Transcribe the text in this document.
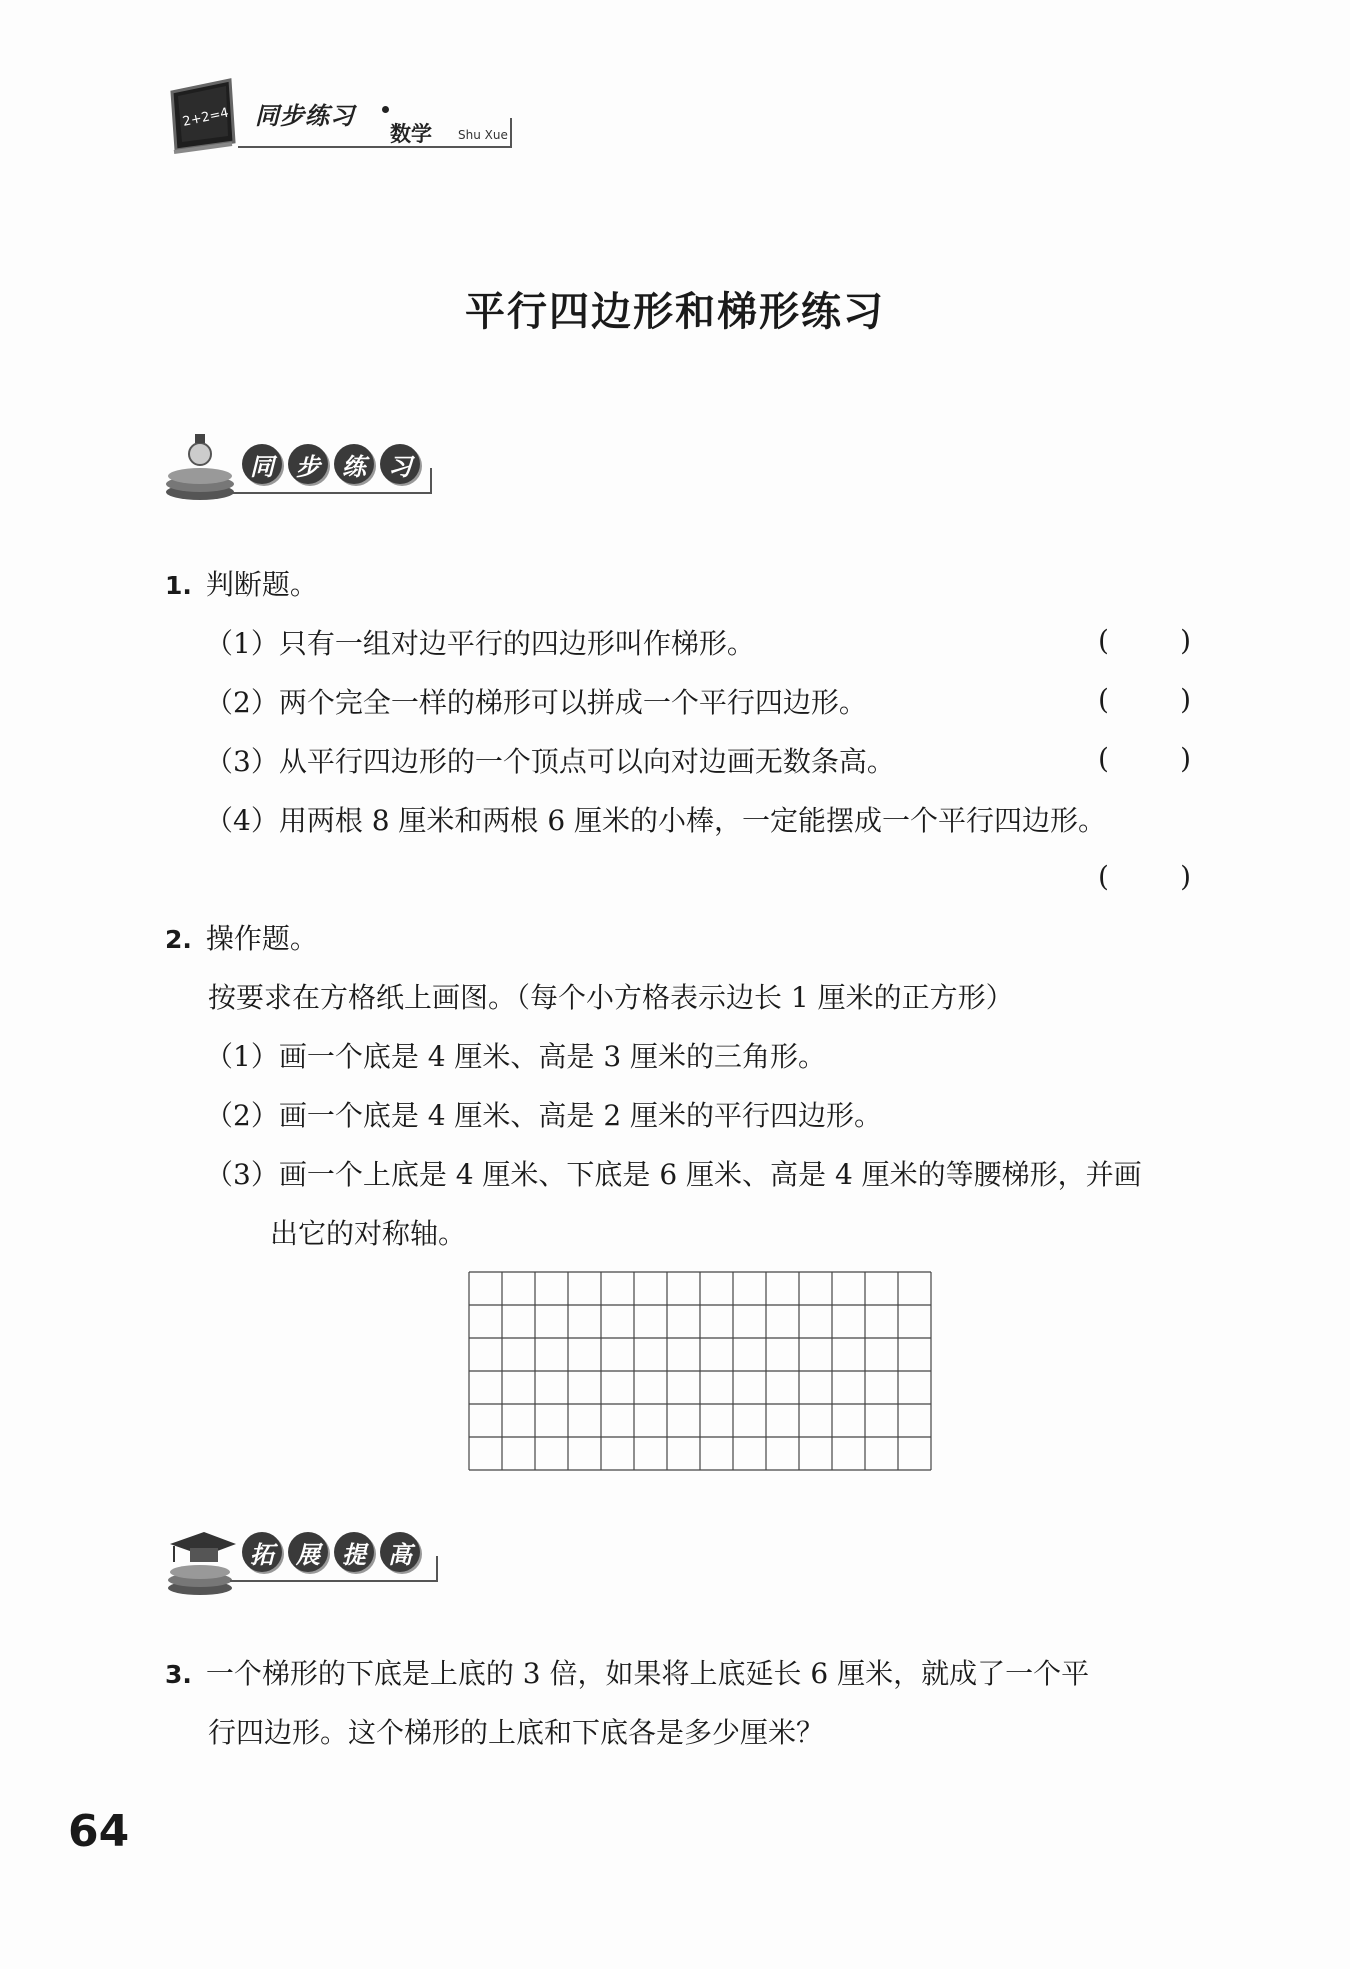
2+2=4 同步练习
数学 Shu Xue
平行四边形和梯形练习
同 步 练 习
1. 判断题。
（1）只有一组对边平行的四边形叫作梯形。	(        )
（2）两个完全一样的梯形可以拼成一个平行四边形。	(        )
（3）从平行四边形的一个顶点可以向对边画无数条高。	(        )
（4）用两根 8 厘米和两根 6 厘米的小棒，一定能摆成一个平行四边形。
(        )
2. 操作题。
按要求在方格纸上画图。（每个小方格表示边长 1 厘米的正方形）
（1）画一个底是 4 厘米、高是 3 厘米的三角形。
（2）画一个底是 4 厘米、高是 2 厘米的平行四边形。
（3）画一个上底是 4 厘米、下底是 6 厘米、高是 4 厘米的等腰梯形，并画
出它的对称轴。
拓 展 提 高
3. 一个梯形的下底是上底的 3 倍，如果将上底延长 6 厘米，就成了一个平
行四边形。这个梯形的上底和下底各是多少厘米？
64
